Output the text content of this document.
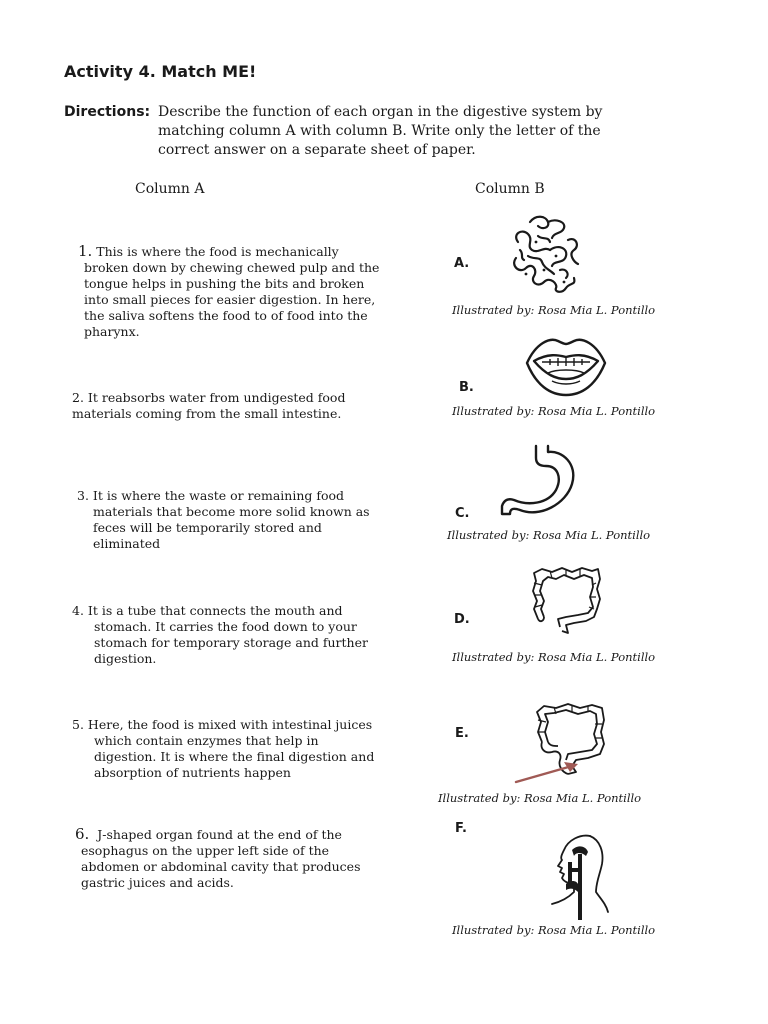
Activity 4. Match ME!
Directions: Describe the function of each organ in the digestive system by
matching column A with column B. Write only the letter of the
correct answer on a separate sheet of paper.
Column A	Column B
1. This is where the food is mechanically
broken down by chewing chewed pulp and the
tongue helps in pushing the bits and broken
into small pieces for easier digestion. In here,
the saliva softens the food to of food into the
pharynx.
2. It reabsorbs water from undigested food
materials coming from the small intestine.
3. It is where the waste or remaining food
materials that become more solid known as
feces will be temporarily stored and
eliminated
4. It is a tube that connects the mouth and
stomach. It carries the food down to your
stomach for temporary storage and further
digestion.
5. Here, the food is mixed with intestinal juices
which contain enzymes that help in
digestion. It is where the final digestion and
absorption of nutrients happen
6. J-shaped organ found at the end of the
esophagus on the upper left side of the
abdomen or abdominal cavity that produces
gastric juices and acids.
A.
Illustrated by: Rosa Mia L. Pontillo
B.
Illustrated by: Rosa Mia L. Pontillo
C.
Illustrated by: Rosa Mia L. Pontillo
D.
Illustrated by: Rosa Mia L. Pontillo
E.
Illustrated by: Rosa Mia L. Pontillo
F.
Illustrated by: Rosa Mia L. Pontillo
